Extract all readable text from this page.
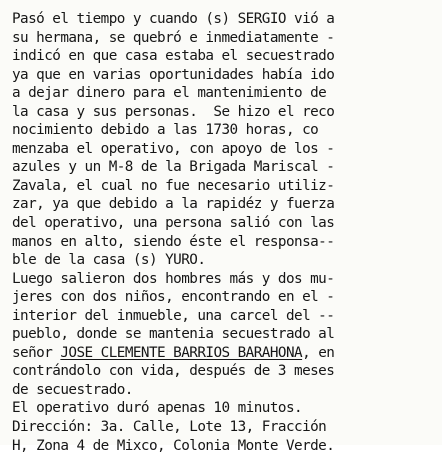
Pasó el tiempo y cuando (s) SERGIO vió a
su hermana, se quebró e inmediatamente -
indicó en que casa estaba el secuestrado
ya que en varias oportunidades había ido
a dejar dinero para el mantenimiento de
la casa y sus personas.  Se hizo el reco
nocimiento debido a las 1730 horas, co
menzaba el operativo, con apoyo de los -
azules y un M-8 de la Brigada Mariscal -
Zavala, el cual no fue necesario utiliz-
zar, ya que debido a la rapidéz y fuerza
del operativo, una persona salió con las
manos en alto, siendo éste el responsa--
ble de la casa (s) YURO.
Luego salieron dos hombres más y dos mu-
jeres con dos niños, encontrando en el -
interior del inmueble, una carcel del --
pueblo, donde se mantenia secuestrado al
señor JOSE CLEMENTE BARRIOS BARAHONA, en
contrándolo con vida, después de 3 meses
de secuestrado.
El operativo duró apenas 10 minutos.
Dirección: 3a. Calle, Lote 13, Fracción
H, Zona 4 de Mixco, Colonia Monte Verde.
